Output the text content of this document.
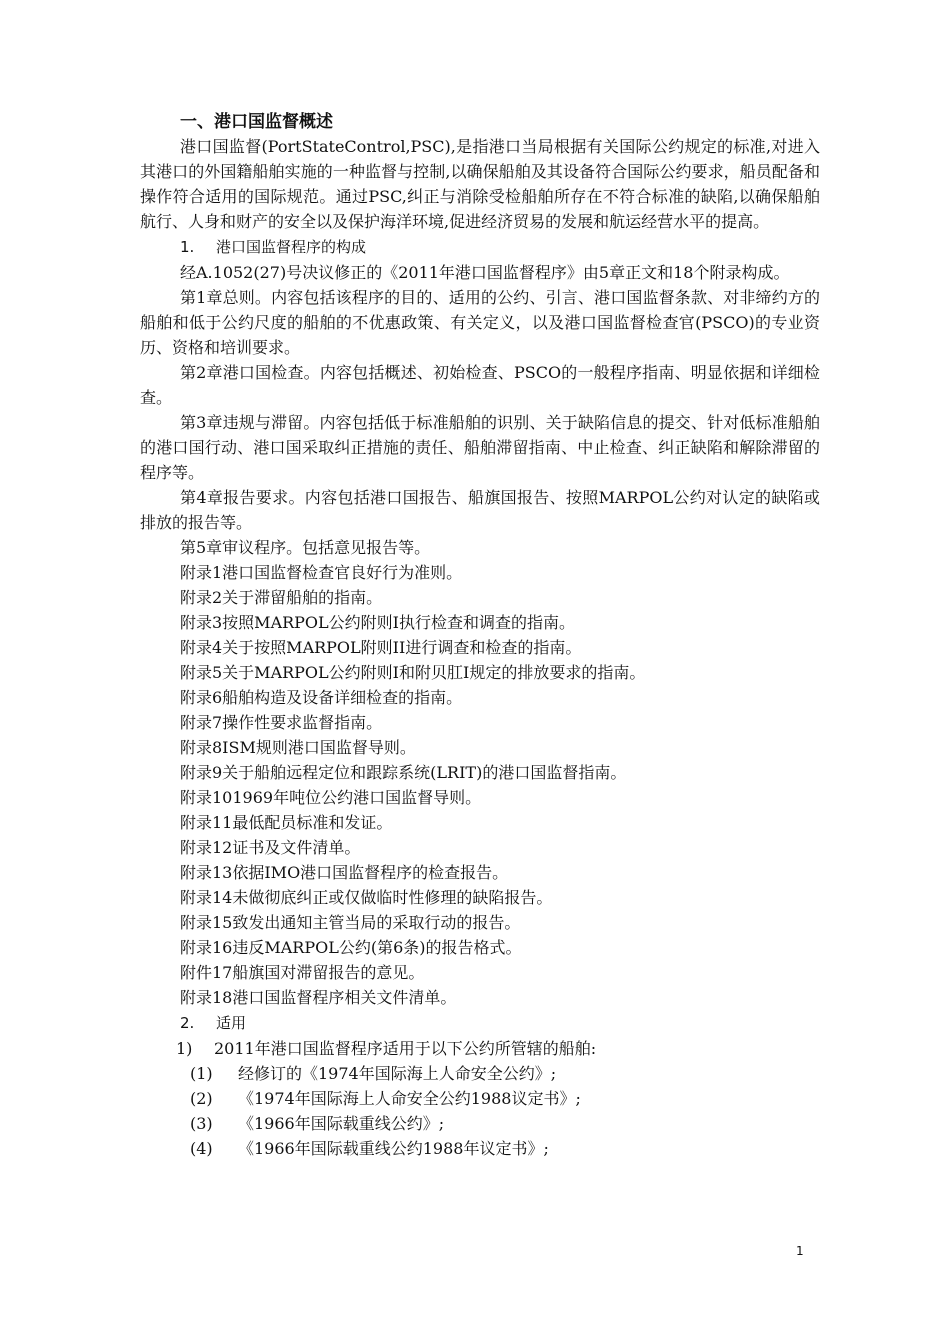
一、港口国监督概述

港口国监督(PortStateControl,PSC),是指港口当局根据有关国际公约规定的标准,对进入其港口的外国籍船舶实施的一种监督与控制,以确保船舶及其设备符合国际公约要求，船员配备和操作符合适用的国际规范。通过PSC,纠正与消除受检船舶所存在不符合标准的缺陷,以确保船舶航行、人身和财产的安全以及保护海洋环境,促进经济贸易的发展和航运经营水平的提高。

1. 港口国监督程序的构成

经A.1052(27)号决议修正的《2011年港口国监督程序》由5章正文和18个附录构成。

第1章总则。内容包括该程序的目的、适用的公约、引言、港口国监督条款、对非缔约方的船舶和低于公约尺度的船舶的不优惠政策、有关定义，以及港口国监督检查官(PSCO)的专业资历、资格和培训要求。

第2章港口国检查。内容包括概述、初始检查、PSCO的一般程序指南、明显依据和详细检查。

第3章违规与滞留。内容包括低于标准船舶的识别、关于缺陷信息的提交、针对低标准船舶的港口国行动、港口国采取纠正措施的责任、船舶滞留指南、中止检查、纠正缺陷和解除滞留的程序等。

第4章报告要求。内容包括港口国报告、船旗国报告、按照MARPOL公约对认定的缺陷或排放的报告等。

第5章审议程序。包括意见报告等。
附录1港口国监督检查官良好行为准则。
附录2关于滞留船舶的指南。
附录3按照MARPOL公约附则Ⅰ执行检查和调查的指南。
附录4关于按照MARPOL附则II进行调查和检查的指南。
附录5关于MARPOL公约附则Ⅰ和附贝肛Ⅰ规定的排放要求的指南。
附录6船舶构造及设备详细检查的指南。
附录7操作性要求监督指南。
附录8ISM规则港口国监督导则。
附录9关于船舶远程定位和跟踪系统(LRIT)的港口国监督指南。
附录101969年吨位公约港口国监督导则。
附录11最低配员标准和发证。
附录12证书及文件清单。
附录13依据IMO港口国监督程序的检查报告。
附录14未做彻底纠正或仅做临时性修理的缺陷报告。
附录15致发出通知主管当局的采取行动的报告。
附录16违反MARPOL公约(第6条)的报告格式。
附件17船旗国对滞留报告的意见。
附录18港口国监督程序相关文件清单。
2. 适用
1) 2011年港口国监督程序适用于以下公约所管辖的船舶:
(1) 经修订的《1974年国际海上人命安全公约》;
(2) 《1974年国际海上人命安全公约1988议定书》;
(3) 《1966年国际载重线公约》;
(4) 《1966年国际载重线公约1988年议定书》;
1
